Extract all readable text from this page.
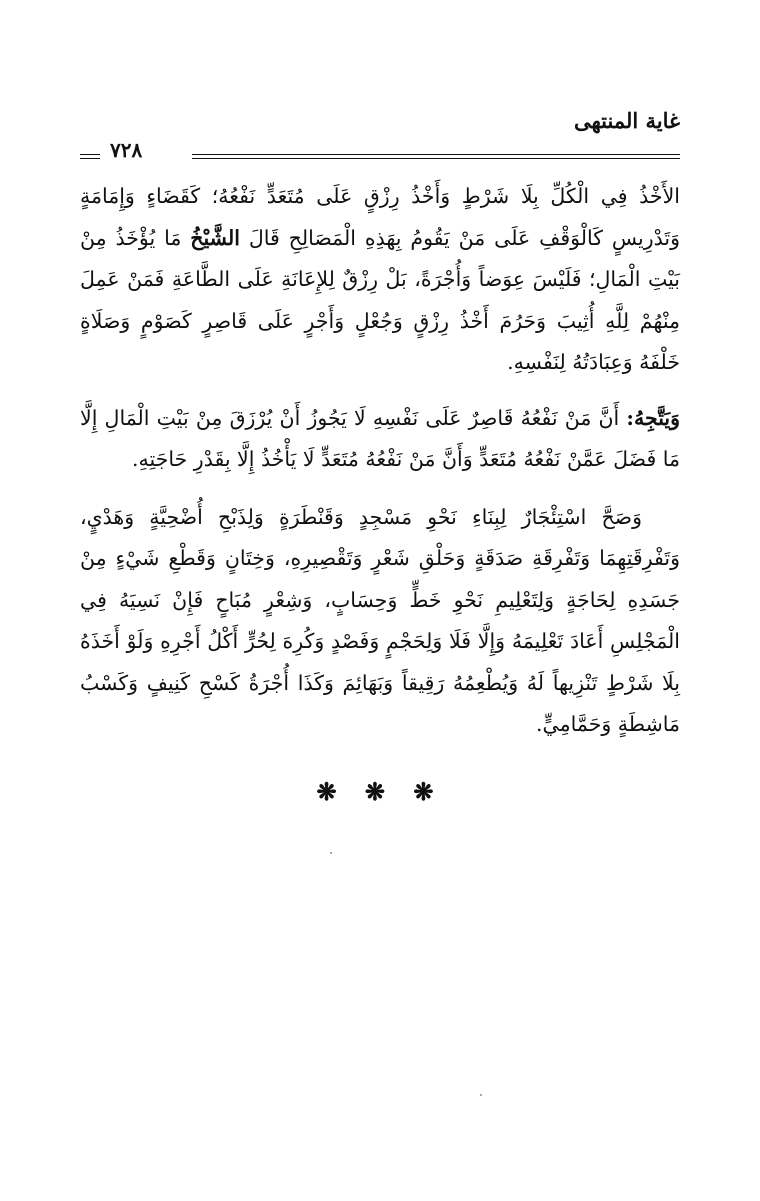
غاية المنتهى
٧٢٨

الأَخْذُ فِي الْكُلِّ بِلَا شَرْطٍ وَأَخْذُ رِزْقٍ عَلَى مُتَعَدٍّ نَفْعُهُ؛ كَقَضَاءٍ وَإِمَامَةٍ وَتَدْرِيسٍ كَالْوَقْفِ عَلَى مَنْ يَقُومُ بِهَذِهِ الْمَصَالِحِ قَالَ الشَّيْخُ مَا يُؤْخَذُ مِنْ بَيْتِ الْمَالِ؛ فَلَيْسَ عِوَضاً وَأُجْرَةً، بَلْ رِزْقٌ لِلإِعَانَةِ عَلَى الطَّاعَةِ فَمَنْ عَمِلَ مِنْهُمْ لِلَّهِ أُثِيبَ وَحَرُمَ أَخْذُ رِزْقٍ وَجُعْلٍ وَأَجْرٍ عَلَى قَاصِرٍ كَصَوْمٍ وَصَلَاةٍ خَلْفَهُ وَعِبَادَتُهُ لِنَفْسِهِ.

وَيَتَّجِهُ: أَنَّ مَنْ نَفْعُهُ قَاصِرٌ عَلَى نَفْسِهِ لَا يَجُوزُ أَنْ يُرْزَقَ مِنْ بَيْتِ الْمَالِ إِلَّا مَا فَضَلَ عَمَّنْ نَفْعُهُ مُتَعَدٍّ وَأَنَّ مَنْ نَفْعُهُ مُتَعَدٍّ لَا يَأْخُذُ إِلَّا بِقَدْرِ حَاجَتِهِ.

وَصَحَّ اسْتِئْجَارٌ لِبِنَاءِ نَحْوِ مَسْجِدٍ وَقَنْطَرَةٍ وَلِذَبْحِ أُضْحِيَّةٍ وَهَدْيٍ، وَتَفْرِقَتِهِمَا وَتَفْرِقَةِ صَدَقَةٍ وَحَلْقِ شَعْرٍ وَتَقْصِيرِهِ، وَخِتَانٍ وَقَطْعِ شَيْءٍ مِنْ جَسَدِهِ لِحَاجَةٍ وَلِتَعْلِيمِ نَحْوِ خَطٍّ وَحِسَابٍ، وَشِعْرٍ مُبَاحٍ فَإِنْ نَسِيَهُ فِي الْمَجْلِسِ أَعَادَ تَعْلِيمَهُ وَإِلَّا فَلَا وَلِحَجْمٍ وَفَصْدٍ وَكُرِهَ لِحُرٍّ أَكْلُ أَجْرِهِ وَلَوْ أَخَذَهُ بِلَا شَرْطٍ تَنْزِيهاً لَهُ وَيُطْعِمُهُ رَقِيقاً وَبَهَائِمَ وَكَذَا أُجْرَةُ كَسْحِ كَنِيفٍ وَكَسْبُ مَاشِطَةٍ وَحَمَّامِيٍّ.

❋ ❋ ❋
